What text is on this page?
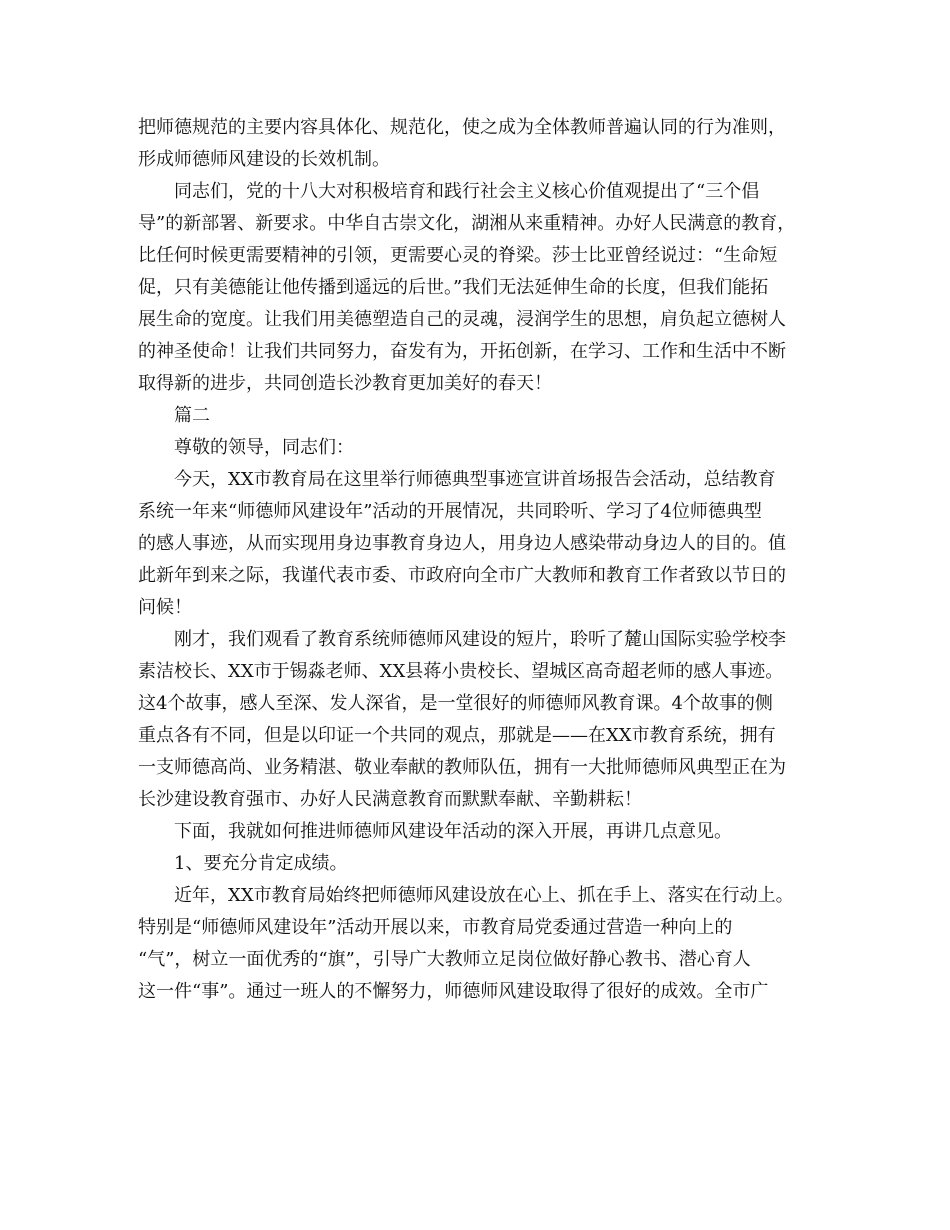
把师德规范的主要内容具体化、规范化，使之成为全体教师普遍认同的行为准则，
形成师德师风建设的长效机制。
同志们，党的十八大对积极培育和践行社会主义核心价值观提出了“三个倡
导”的新部署、新要求。中华自古崇文化，湖湘从来重精神。办好人民满意的教育，
比任何时候更需要精神的引领，更需要心灵的脊梁。莎士比亚曾经说过：“生命短
促，只有美德能让他传播到遥远的后世。”我们无法延伸生命的长度，但我们能拓
展生命的宽度。让我们用美德塑造自己的灵魂，浸润学生的思想，肩负起立德树人
的神圣使命！让我们共同努力，奋发有为，开拓创新，在学习、工作和生活中不断
取得新的进步，共同创造长沙教育更加美好的春天！
篇二
尊敬的领导，同志们：
今天，XX市教育局在这里举行师德典型事迹宣讲首场报告会活动，总结教育
系统一年来“师德师风建设年”活动的开展情况，共同聆听、学习了4位师德典型
的感人事迹，从而实现用身边事教育身边人，用身边人感染带动身边人的目的。值
此新年到来之际，我谨代表市委、市政府向全市广大教师和教育工作者致以节日的
问候！
刚才，我们观看了教育系统师德师风建设的短片，聆听了麓山国际实验学校李
素洁校长、XX市于锡淼老师、XX县蒋小贵校长、望城区高奇超老师的感人事迹。
这4个故事，感人至深、发人深省，是一堂很好的师德师风教育课。4个故事的侧
重点各有不同，但是以印证一个共同的观点，那就是——在XX市教育系统，拥有
一支师德高尚、业务精湛、敬业奉献的教师队伍，拥有一大批师德师风典型正在为
长沙建设教育强市、办好人民满意教育而默默奉献、辛勤耕耘！
下面，我就如何推进师德师风建设年活动的深入开展，再讲几点意见。
1、要充分肯定成绩。
近年，XX市教育局始终把师德师风建设放在心上、抓在手上、落实在行动上。
特别是“师德师风建设年”活动开展以来，市教育局党委通过营造一种向上的
“气”，树立一面优秀的“旗”，引导广大教师立足岗位做好静心教书、潜心育人
这一件“事”。通过一班人的不懈努力，师德师风建设取得了很好的成效。全市广
